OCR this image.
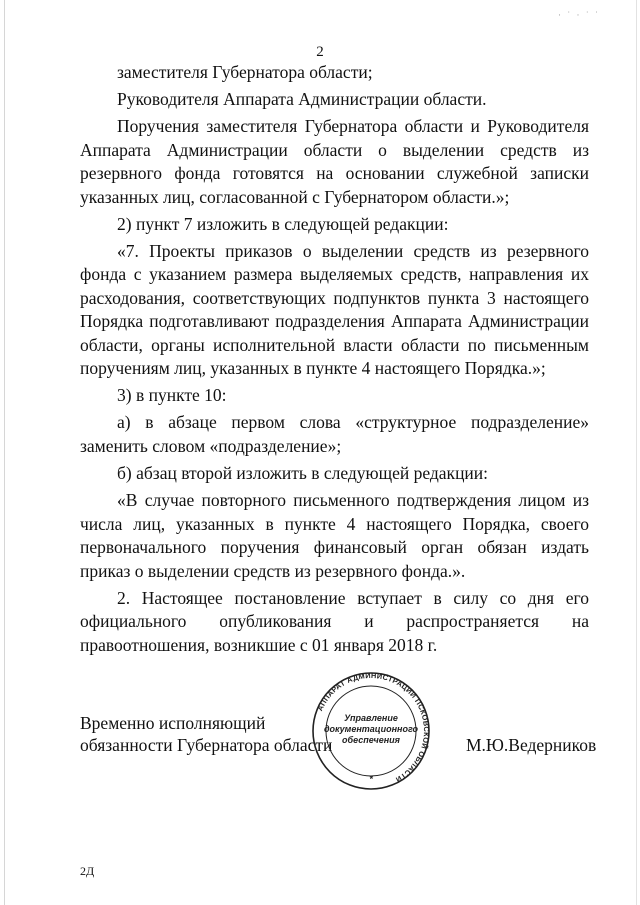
· ˙ · ˙ ˙
2

заместителя Губернатора области;

Руководителя Аппарата Администрации области.

Поручения заместителя Губернатора области и Руководителя Аппарата Администрации области о выделении средств из резервного фонда готовятся на основании служебной записки указанных лиц, согласованной с Губернатором области.»;

2) пункт 7 изложить в следующей редакции:

«7. Проекты приказов о выделении средств из резервного фонда с указанием размера выделяемых средств, направления их расходования, соответствующих подпунктов пункта 3 настоящего Порядка подготавливают подразделения Аппарата Администрации области, органы исполнительной власти области по письменным поручениям лиц, указанных в пункте 4 настоящего Порядка.»;

3) в пункте 10:

а) в абзаце первом слова «структурное подразделение» заменить словом «подразделение»;

б) абзац второй изложить в следующей редакции:

«В случае повторного письменного подтверждения лицом из числа лиц, указанных в пункте 4 настоящего Порядка, своего первоначального поручения финансовый орган обязан издать приказ о выделении средств из резервного фонда.».

2. Настоящее постановление вступает в силу со дня его официального опубликования и распространяется на правоотношения, возникшие с 01 января 2018 г.

Временно исполняющий
обязанности Губернатора области	М.Ю.Ведерников
АППАРАТ АДМИНИСТРАЦИИ ПСКОВСКОЙ ОБЛАСТИ
Управление
документационного
обеспечения
*
2Д
